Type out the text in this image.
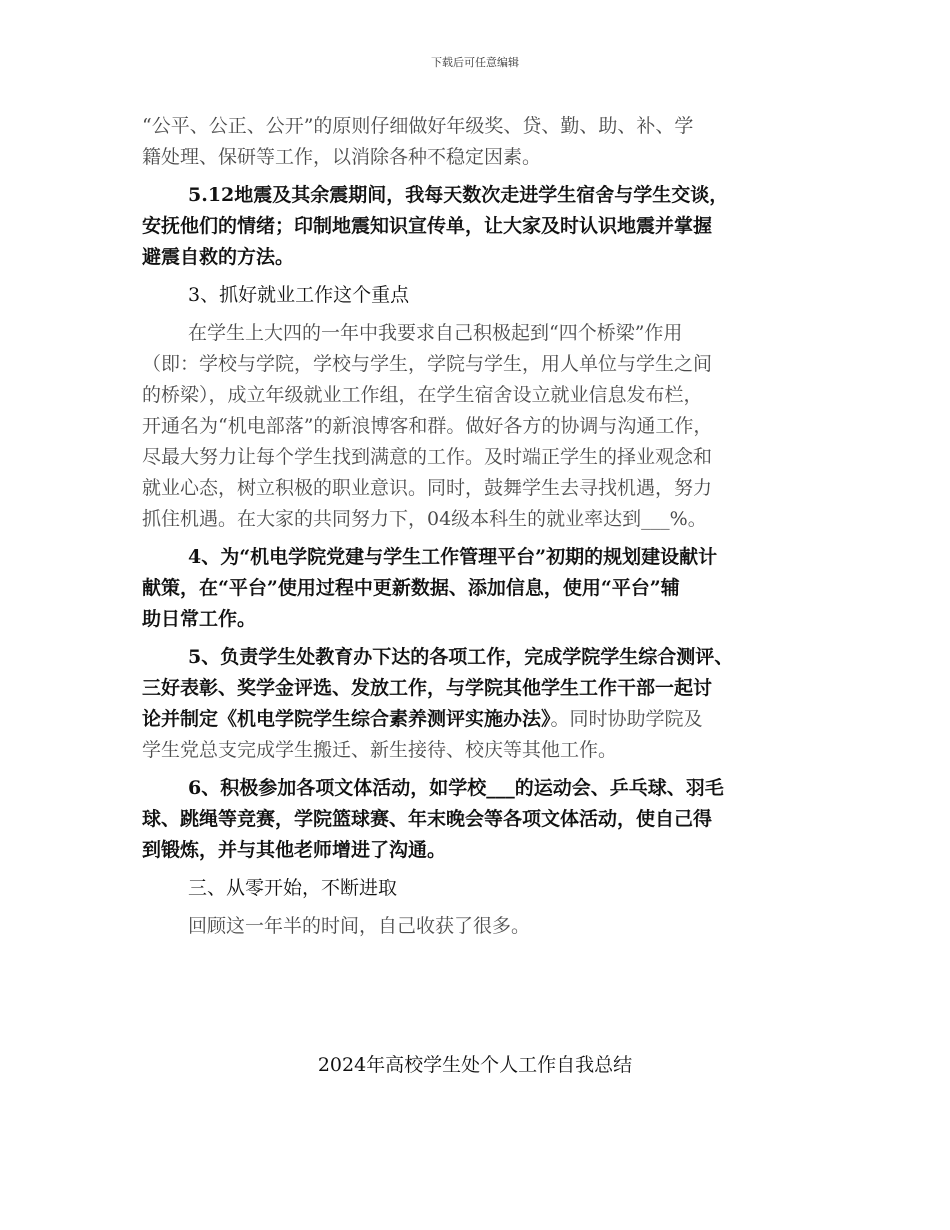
下载后可任意编辑
“公平、公正、公开”的原则仔细做好年级奖、贷、勤、助、补、学
籍处理、保研等工作，以消除各种不稳定因素。
5.12地震及其余震期间，我每天数次走进学生宿舍与学生交谈，
安抚他们的情绪；印制地震知识宣传单，让大家及时认识地震并掌握
避震自救的方法。
3、抓好就业工作这个重点
在学生上大四的一年中我要求自己积极起到“四个桥梁”作用
（即：学校与学院，学校与学生，学院与学生，用人单位与学生之间
的桥梁），成立年级就业工作组，在学生宿舍设立就业信息发布栏，
开通名为“机电部落”的新浪博客和群。做好各方的协调与沟通工作，
尽最大努力让每个学生找到满意的工作。及时端正学生的择业观念和
就业心态，树立积极的职业意识。同时，鼓舞学生去寻找机遇，努力
抓住机遇。在大家的共同努力下，04级本科生的就业率达到___%。
4、为“机电学院党建与学生工作管理平台”初期的规划建设献计
献策，在“平台”使用过程中更新数据、添加信息，使用“平台”辅
助日常工作。
5、负责学生处教育办下达的各项工作，完成学院学生综合测评、
三好表彰、奖学金评选、发放工作，与学院其他学生工作干部一起讨
论并制定《机电学院学生综合素养测评实施办法》。同时协助学院及
学生党总支完成学生搬迁、新生接待、校庆等其他工作。
6、积极参加各项文体活动，如学校___的运动会、乒乓球、羽毛
球、跳绳等竞赛，学院篮球赛、年末晚会等各项文体活动，使自己得
到锻炼，并与其他老师增进了沟通。
三、从零开始，不断进取
回顾这一年半的时间，自己收获了很多。
2024年高校学生处个人工作自我总结
